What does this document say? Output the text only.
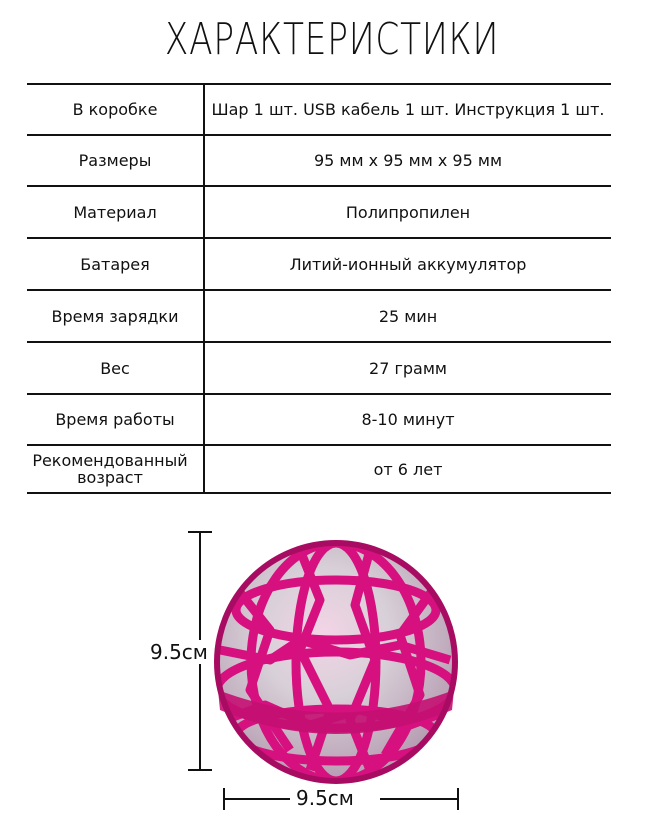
ХАРАКТЕРИСТИКИ
В коробке	Шар 1 шт. USB кабель 1 шт. Инструкция 1 шт.
Размеры	95 мм х 95 мм х 95 мм
Материал	Полипропилен
Батарея	Литий-ионный аккумулятор
Время зарядки	25 мин
Вес	27 грамм
Время работы	8-10 минут
Рекомендованный возраст	от 6 лет
9.5см
9.5см
